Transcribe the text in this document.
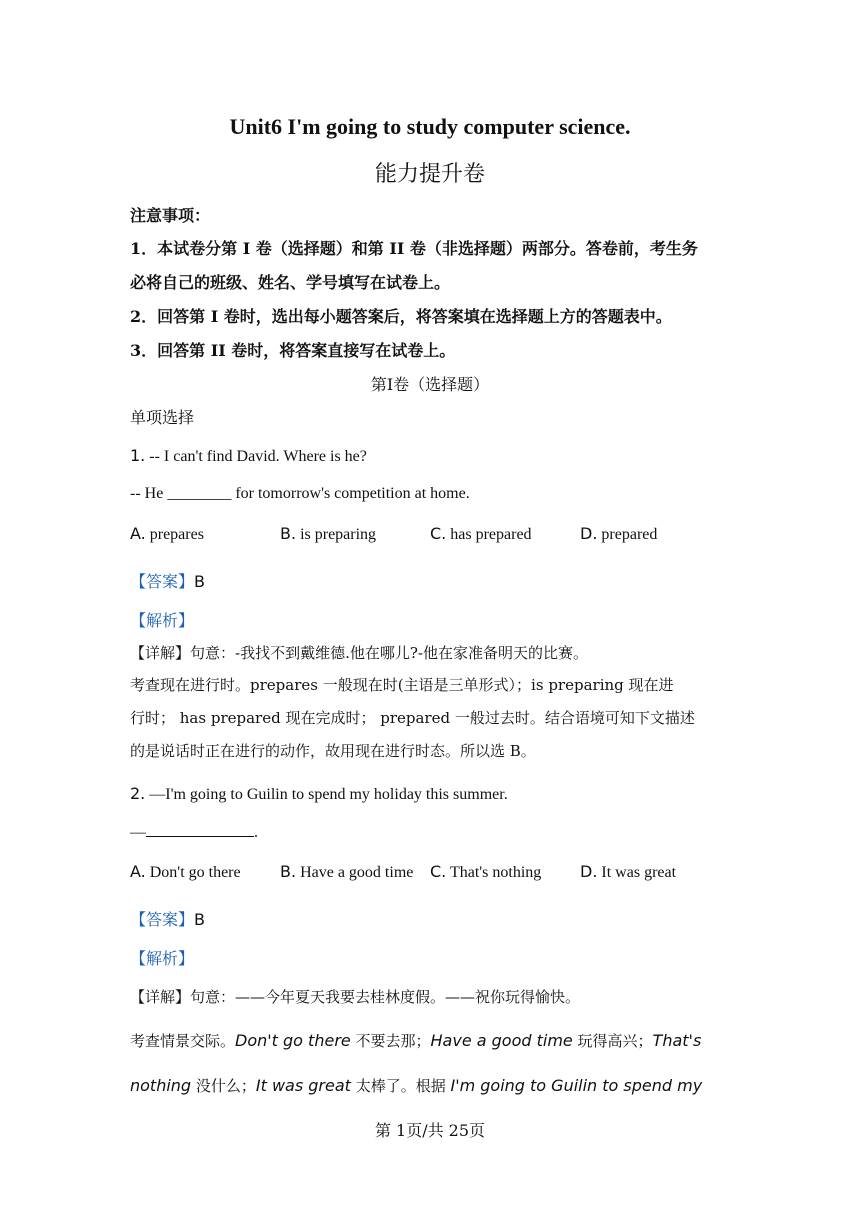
Unit6 I'm going to study computer science.
能力提升卷
注意事项：
1．本试卷分第 I 卷（选择题）和第 II 卷（非选择题）两部分。答卷前，考生务
必将自己的班级、姓名、学号填写在试卷上。
2．回答第 I 卷时，选出每小题答案后，将答案填在选择题上方的答题表中。
3．回答第 II 卷时，将答案直接写在试卷上。
第Ⅰ卷（选择题）
单项选择
1. -- I can't find David. Where is he?
-- He ________ for tomorrow's competition at home.
A. prepares	B. is preparing	C. has prepared	D. prepared
【答案】B
【解析】
【详解】句意：-我找不到戴维德.他在哪儿?-他在家准备明天的比赛。
考查现在进行时。prepares 一般现在时(主语是三单形式）；is preparing 现在进
行时； has prepared 现在完成时； prepared 一般过去时。结合语境可知下文描述
的是说话时正在进行的动作，故用现在进行时态。所以选 B。
2. —I'm going to Guilin to spend my holiday this summer.
—	.
A. Don't go there B. Have a good time C. That's nothing D. It was great
【答案】B
【解析】
【详解】句意：——今年夏天我要去桂林度假。——祝你玩得愉快。
考查情景交际。Don't go there 不要去那；Have a good time 玩得高兴；That's
nothing 没什么；It was great 太棒了。根据 I'm going to Guilin to spend my
第 1页/共 25页
